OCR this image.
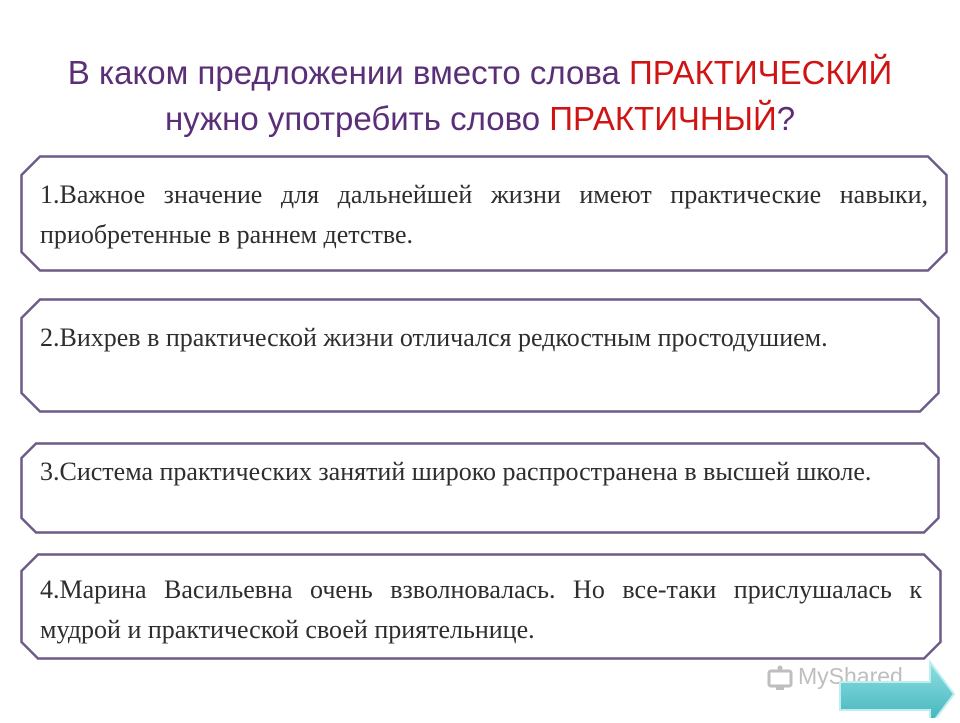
В каком предложении вместо слова ПРАКТИЧЕСКИЙ
нужно употребить слово ПРАКТИЧНЫЙ?
1.Важное значение для дальнейшей жизни имеют практические навыки, приобретенные в раннем детстве.
2.Вихрев в практической жизни отличался редкостным простодушием.
3.Система практических занятий широко распространена в высшей школе.
4.Марина Васильевна очень взволновалась. Но все-таки прислушалась к мудрой и практической своей приятельнице.
MyShared
